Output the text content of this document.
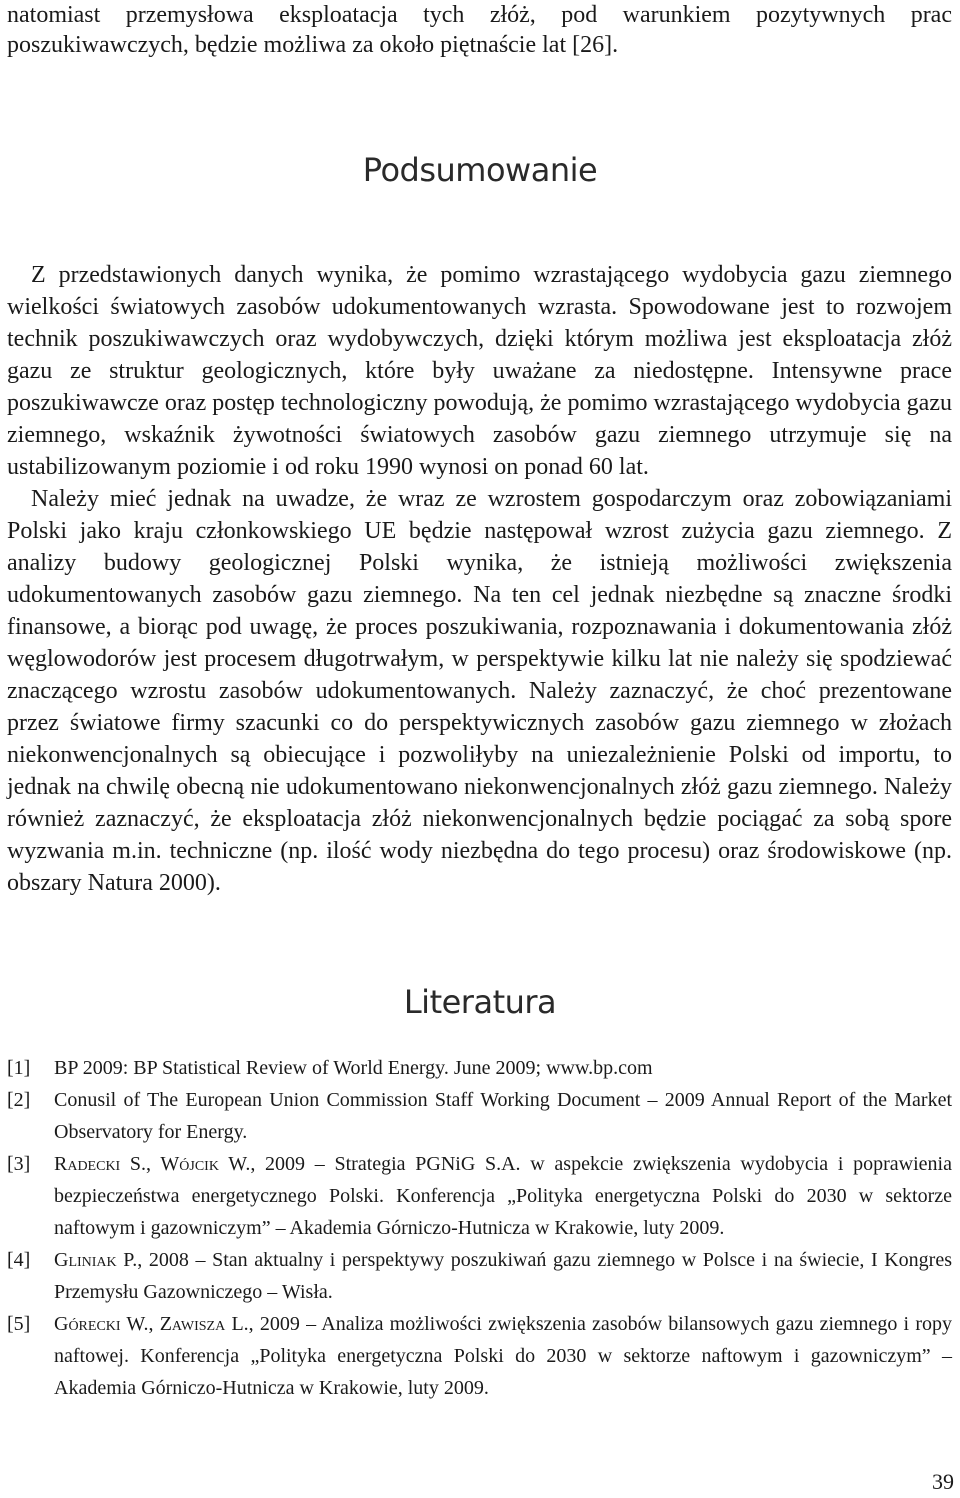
natomiast przemysłowa eksploatacja tych złóż, pod warunkiem pozytywnych prac poszukiwawczych, będzie możliwa za około piętnaście lat [26].

Podsumowanie

Z przedstawionych danych wynika, że pomimo wzrastającego wydobycia gazu ziemnego wielkości światowych zasobów udokumentowanych wzrasta. Spowodowane jest to rozwojem technik poszukiwawczych oraz wydobywczych, dzięki którym możliwa jest eksploatacja złóż gazu ze struktur geologicznych, które były uważane za niedostępne. Intensywne prace poszukiwawcze oraz postęp technologiczny powodują, że pomimo wzrastającego wydobycia gazu ziemnego, wskaźnik żywotności światowych zasobów gazu ziemnego utrzymuje się na ustabilizowanym poziomie i od roku 1990 wynosi on ponad 60 lat.

Należy mieć jednak na uwadze, że wraz ze wzrostem gospodarczym oraz zobowiązaniami Polski jako kraju członkowskiego UE będzie następował wzrost zużycia gazu ziemnego. Z analizy budowy geologicznej Polski wynika, że istnieją możliwości zwiększenia udokumentowanych zasobów gazu ziemnego. Na ten cel jednak niezbędne są znaczne środki finansowe, a biorąc pod uwagę, że proces poszukiwania, rozpoznawania i dokumentowania złóż węglowodorów jest procesem długotrwałym, w perspektywie kilku lat nie należy się spodziewać znaczącego wzrostu zasobów udokumentowanych. Należy zaznaczyć, że choć prezentowane przez światowe firmy szacunki co do perspektywicznych zasobów gazu ziemnego w złożach niekonwencjonalnych są obiecujące i pozwoliłyby na uniezależnienie Polski od importu, to jednak na chwilę obecną nie udokumentowano niekonwencjonalnych złóż gazu ziemnego. Należy również zaznaczyć, że eksploatacja złóż niekonwencjonalnych będzie pociągać za sobą spore wyzwania m.in. techniczne (np. ilość wody niezbędna do tego procesu) oraz środowiskowe (np. obszary Natura 2000).

Literatura
[1] BP 2009: BP Statistical Review of World Energy. June 2009; www.bp.com
[2] Conusil of The European Union Commission Staff Working Document – 2009 Annual Report of the Market Observatory for Energy.
[3] Radecki S., Wójcik W., 2009 – Strategia PGNiG S.A. w aspekcie zwiększenia wydobycia i poprawienia bezpieczeństwa energetycznego Polski. Konferencja „Polityka energetyczna Polski do 2030 w sektorze naftowym i gazowniczym” – Akademia Górniczo-Hutnicza w Krakowie, luty 2009.
[4] Gliniak P., 2008 – Stan aktualny i perspektywy poszukiwań gazu ziemnego w Polsce i na świecie, I Kongres Przemysłu Gazowniczego – Wisła.
[5] Górecki W., Zawisza L., 2009 – Analiza możliwości zwiększenia zasobów bilansowych gazu ziemnego i ropy naftowej. Konferencja „Polityka energetyczna Polski do 2030 w sektorze naftowym i gazowniczym” – Akademia Górniczo-Hutnicza w Krakowie, luty 2009.
39
